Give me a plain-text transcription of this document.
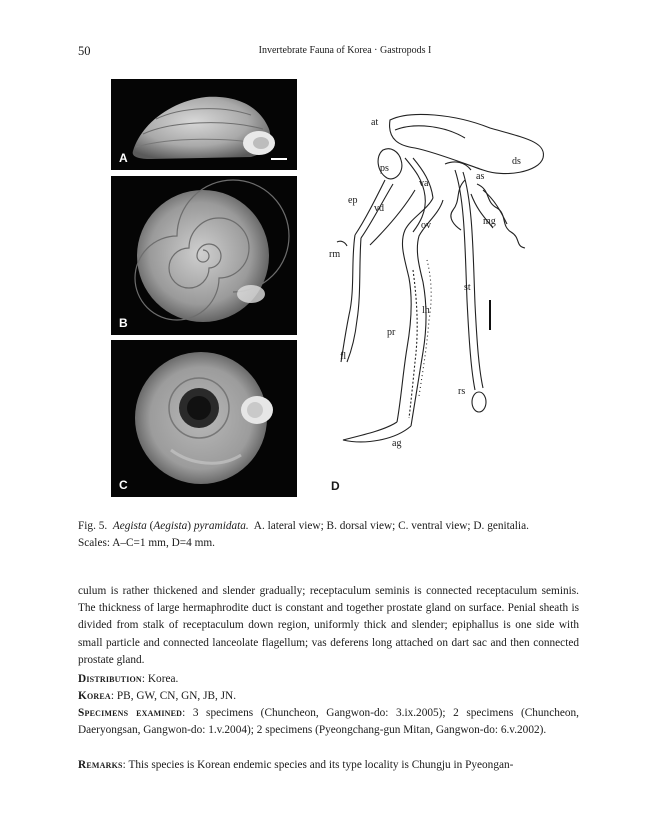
50	Invertebrate Fauna of Korea · Gastropods I
A
B
C
at
ds
ps
as
va
ep
vd
mg
ov
rm
st
lh
pr
fl
rs
ag
D
Fig. 5. Aegista (Aegista) pyramidata. A. lateral view; B. dorsal view; C. ventral view; D. genitalia.
Scales: A–C=1 mm, D=4 mm.
culum is rather thickened and slender gradually; receptaculum seminis is connected receptaculum seminis. The thickness of large hermaphrodite duct is constant and together prostate gland on surface. Penial sheath is divided from stalk of receptaculum down region, uniformly thick and slender; epiphallus is one side with small particle and connected lanceolate flagellum; vas deferens long attached on dart sac and then connected prostate gland.
Distribution: Korea.
Korea: PB, GW, CN, GN, JB, JN.
Specimens examined: 3 specimens (Chuncheon, Gangwon-do: 3.ix.2005); 2 specimens (Chuncheon, Daeryongsan, Gangwon-do: 1.v.2004); 2 specimens (Pyeongchang-gun Mitan, Gangwon-do: 6.v.2002).
Remarks: This species is Korean endemic species and its type locality is Chungju in Pyeongan-
